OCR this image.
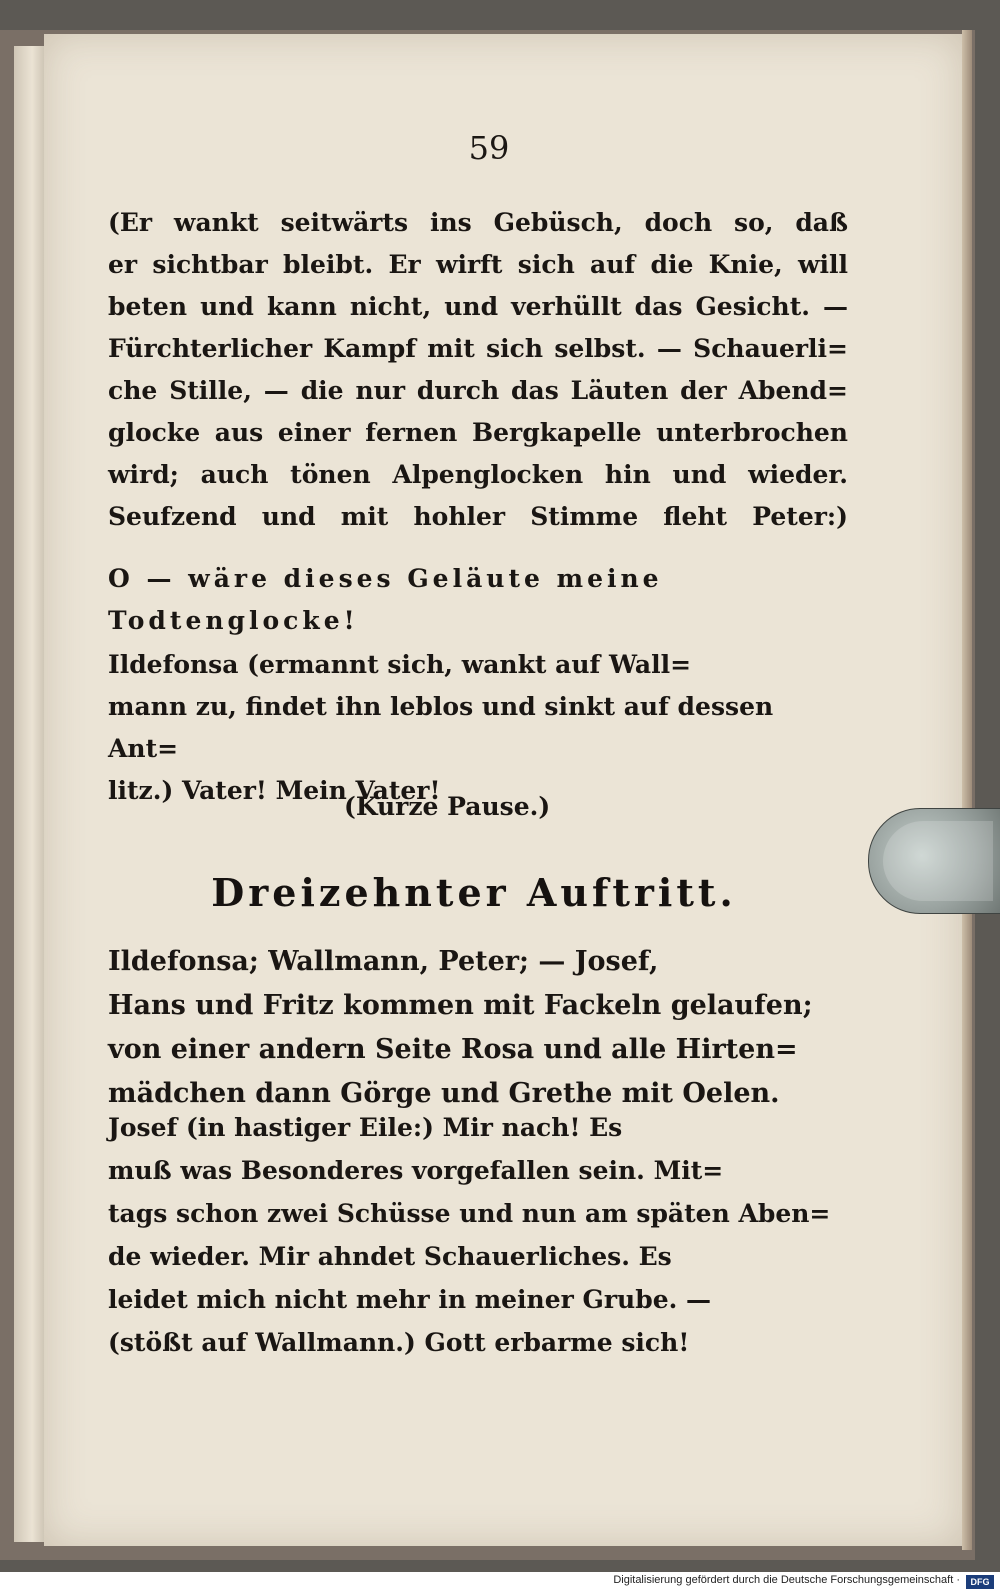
59

(Er wankt seitwärts ins Gebüsch, doch so, daß
er sichtbar bleibt. Er wirft sich auf die Knie, will
beten und kann nicht, und verhüllt das Gesicht. —
Fürchterlicher Kampf mit sich selbst. — Schauerli=
che Stille, — die nur durch das Läuten der Abend=
glocke aus einer fernen Bergkapelle unterbrochen
wird; auch tönen Alpenglocken hin und wieder.
Seufzend und mit hohler Stimme fleht Peter:)

O — wäre dieses Geläute meine
Todtenglocke!

Ildefonsa (ermannt sich, wankt auf Wall=
mann zu, findet ihn leblos und sinkt auf dessen Ant=
litz.) Vater! Mein Vater!

(Kurze Pause.)

Dreizehnter Auftritt.

Ildefonsa; Wallmann, Peter; — Josef,
Hans und Fritz kommen mit Fackeln gelaufen;
von einer andern Seite Rosa und alle Hirten=
mädchen dann Görge und Grethe mit Oelen.

Josef (in hastiger Eile:) Mir nach! Es
muß was Besonderes vorgefallen sein. Mit=
tags schon zwei Schüsse und nun am späten Aben=
de wieder. Mir ahndet Schauerliches. Es
leidet mich nicht mehr in meiner Grube. —
(stößt auf Wallmann.) Gott erbarme sich!

Digitalisierung gefördert durch die Deutsche Forschungsgemeinschaft ·	DFG
